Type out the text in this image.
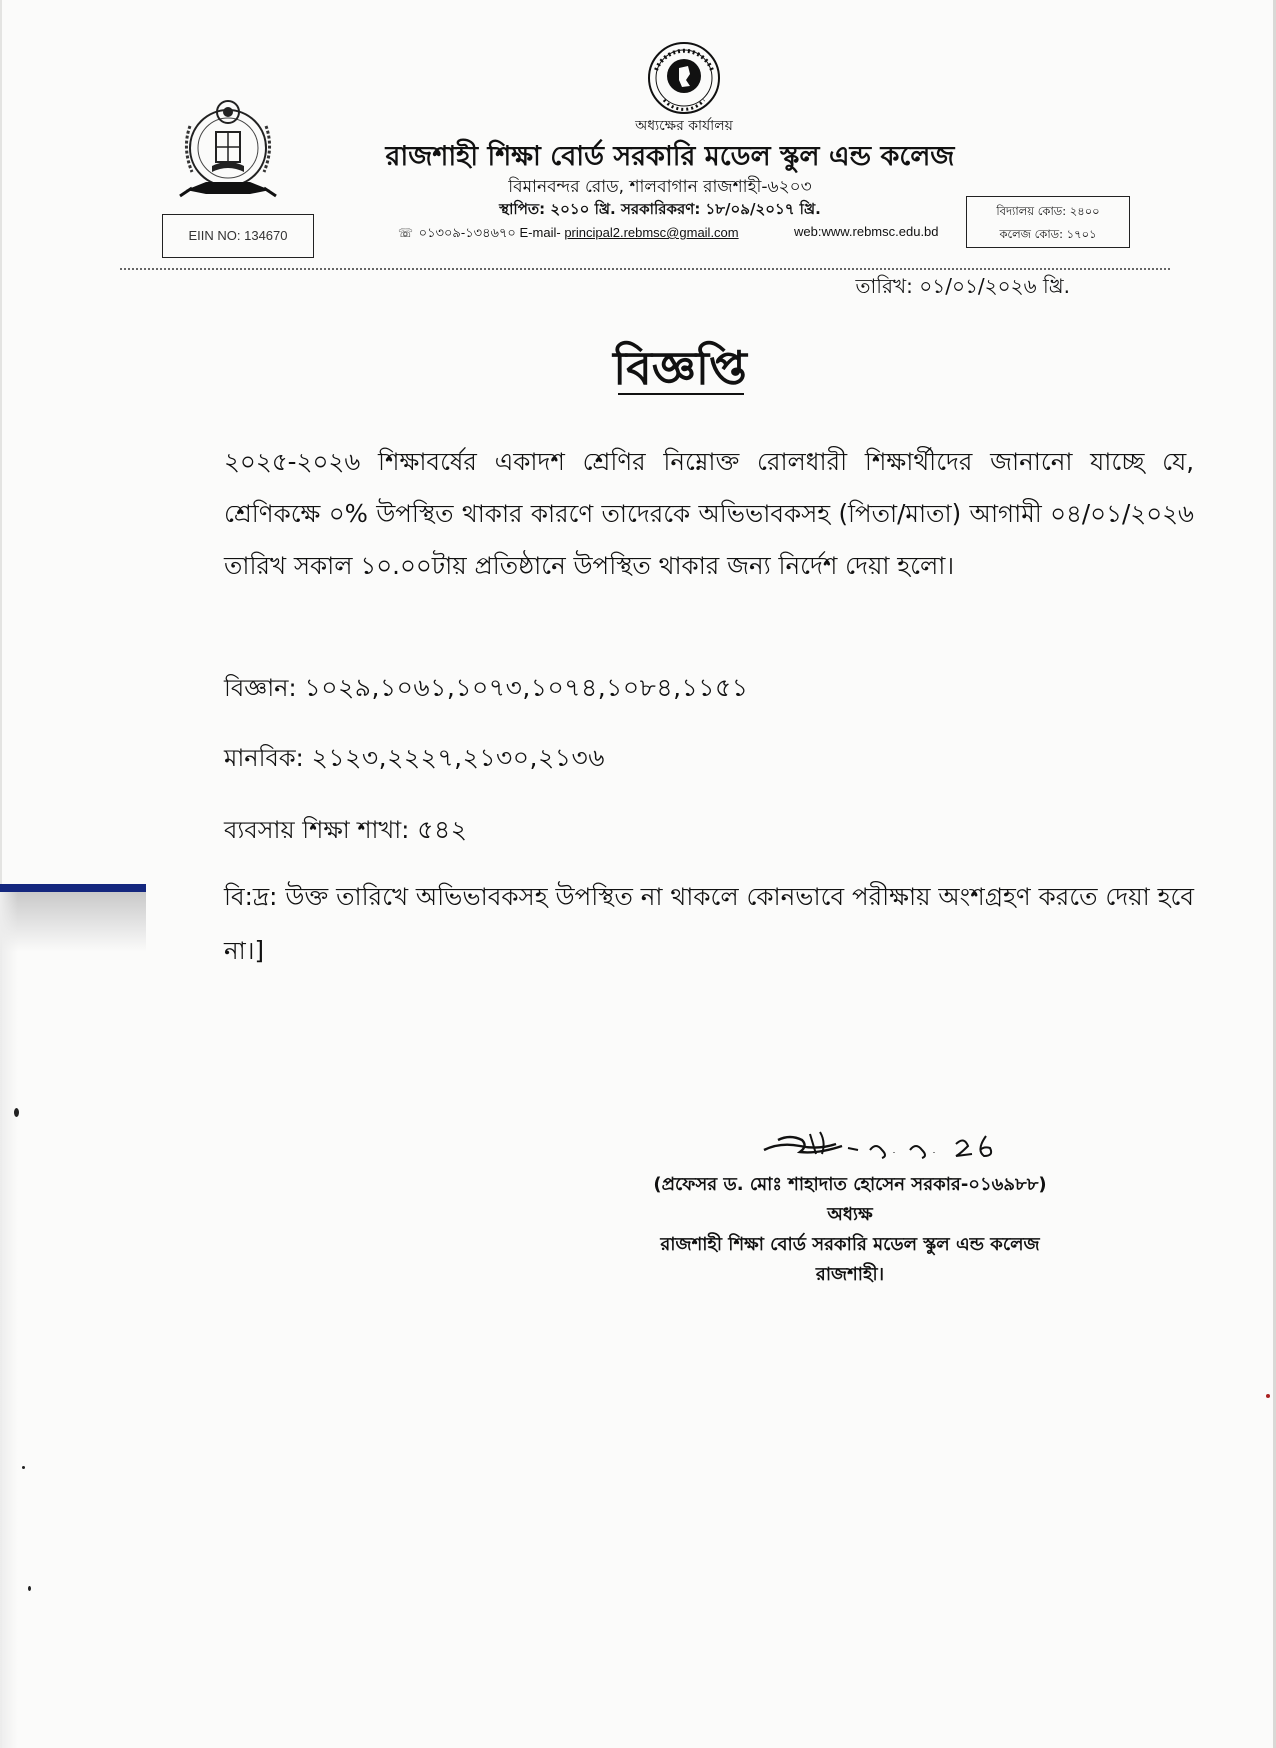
অধ্যক্ষের কার্যালয়
EIIN NO: 134670
রাজশাহী শিক্ষা বোর্ড সরকারি মডেল স্কুল এন্ড কলেজ
বিমানবন্দর রোড, শালবাগান রাজশাহী-৬২০৩
স্থাপিত: ২০১০ খ্রি. সরকারিকরণ: ১৮/০৯/২০১৭ খ্রি.
☏ ০১৩০৯-১৩৪৬৭০ E-mail- principal2.rebmsc@gmail.com	web:www.rebmsc.edu.bd
বিদ্যালয় কোড: ২৪০০
কলেজ কোড: ১৭০১
তারিখ: ০১/০১/২০২৬ খ্রি.
বিজ্ঞপ্তি

২০২৫-২০২৬ শিক্ষাবর্ষের একাদশ শ্রেণির নিম্নোক্ত রোলধারী শিক্ষার্থীদের জানানো যাচ্ছে যে, শ্রেণিকক্ষে ০% উপস্থিত থাকার কারণে তাদেরকে অভিভাবকসহ (পিতা/মাতা) আগামী ০৪/০১/২০২৬ তারিখ সকাল ১০.০০টায় প্রতিষ্ঠানে উপস্থিত থাকার জন্য নির্দেশ দেয়া হলো।

বিজ্ঞান: ১০২৯,১০৬১,১০৭৩,১০৭৪,১০৮৪,১১৫১

মানবিক: ২১২৩,২২২৭,২১৩০,২১৩৬

ব্যবসায় শিক্ষা শাখা: ৫৪২

বি:দ্র: উক্ত তারিখে অভিভাবকসহ উপস্থিত না থাকলে কোনভাবে পরীক্ষায় অংশগ্রহণ করতে দেয়া হবে না।]

(প্রফেসর ড. মোঃ শাহাদাত হোসেন সরকার-০১৬৯৮৮)
অধ্যক্ষ
রাজশাহী শিক্ষা বোর্ড সরকারি মডেল স্কুল এন্ড কলেজ
রাজশাহী।
